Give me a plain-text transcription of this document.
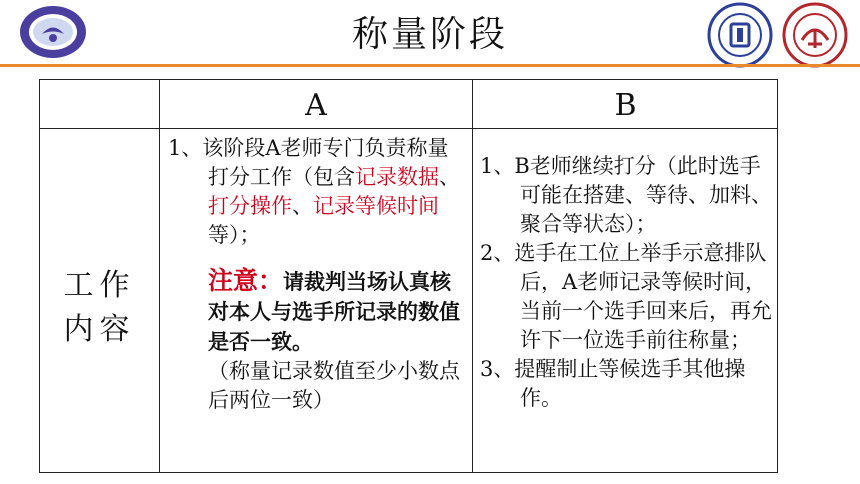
称量阶段
A	B
工作
内容
1、该阶段A老师专门负责称量打分工作（包含记录数据、打分操作、记录等候时间等）；
注意：请裁判当场认真核对本人与选手所记录的数值是否一致。
（称量记录数值至少小数点后两位一致）
1、B老师继续打分（此时选手可能在搭建、等待、加料、聚合等状态）；
2、选手在工位上举手示意排队后，A老师记录等候时间，当前一个选手回来后，再允许下一位选手前往称量；
3、提醒制止等候选手其他操作。
